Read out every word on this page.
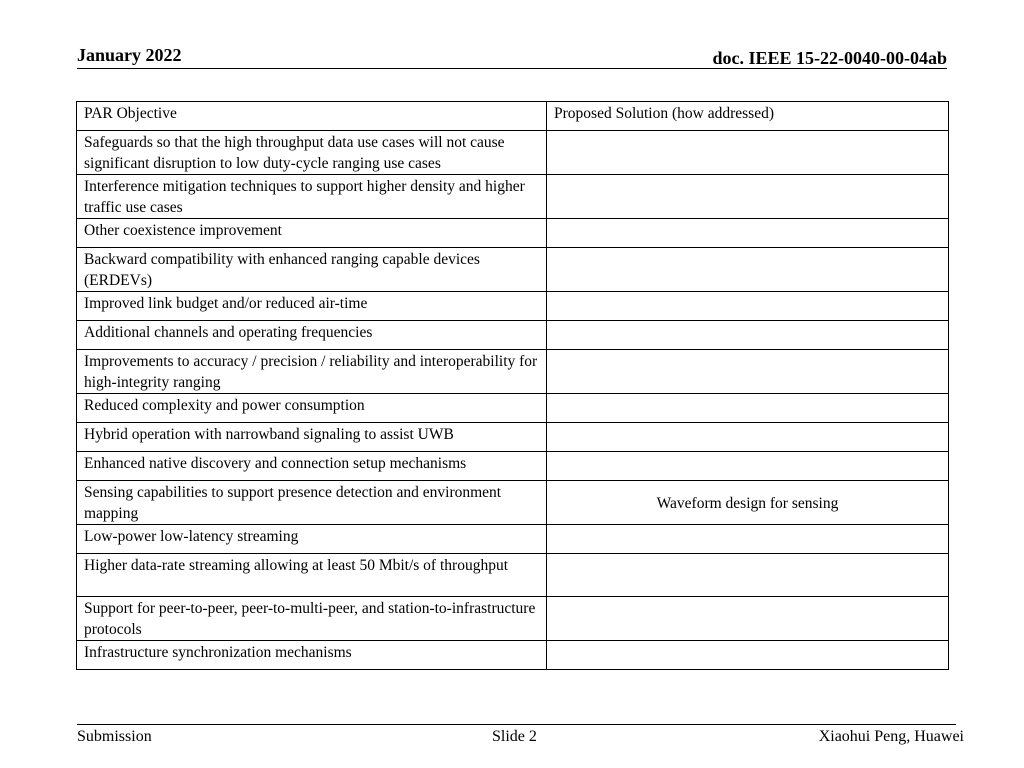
January 2022	doc. IEEE 15-22-0040-00-04ab
PAR Objective	Proposed Solution (how addressed)
Safeguards so that the high throughput data use cases will not cause significant disruption to low duty-cycle ranging use cases	
Interference mitigation techniques to support higher density and higher traffic use cases	
Other coexistence improvement	
Backward compatibility with enhanced ranging capable devices (ERDEVs)	
Improved link budget and/or reduced air-time	
Additional channels and operating frequencies	
Improvements to accuracy / precision / reliability and interoperability for high-integrity ranging	
Reduced complexity and power consumption	
Hybrid operation with narrowband signaling to assist UWB	
Enhanced native discovery and connection setup mechanisms	
Sensing capabilities to support presence detection and environment mapping	Waveform design for sensing
Low-power low-latency streaming	
Higher data-rate streaming allowing at least 50 Mbit/s of throughput	
Support for peer-to-peer, peer-to-multi-peer, and station-to-infrastructure protocols	
Infrastructure synchronization mechanisms	
Submission	Slide 2	Xiaohui Peng, Huawei
